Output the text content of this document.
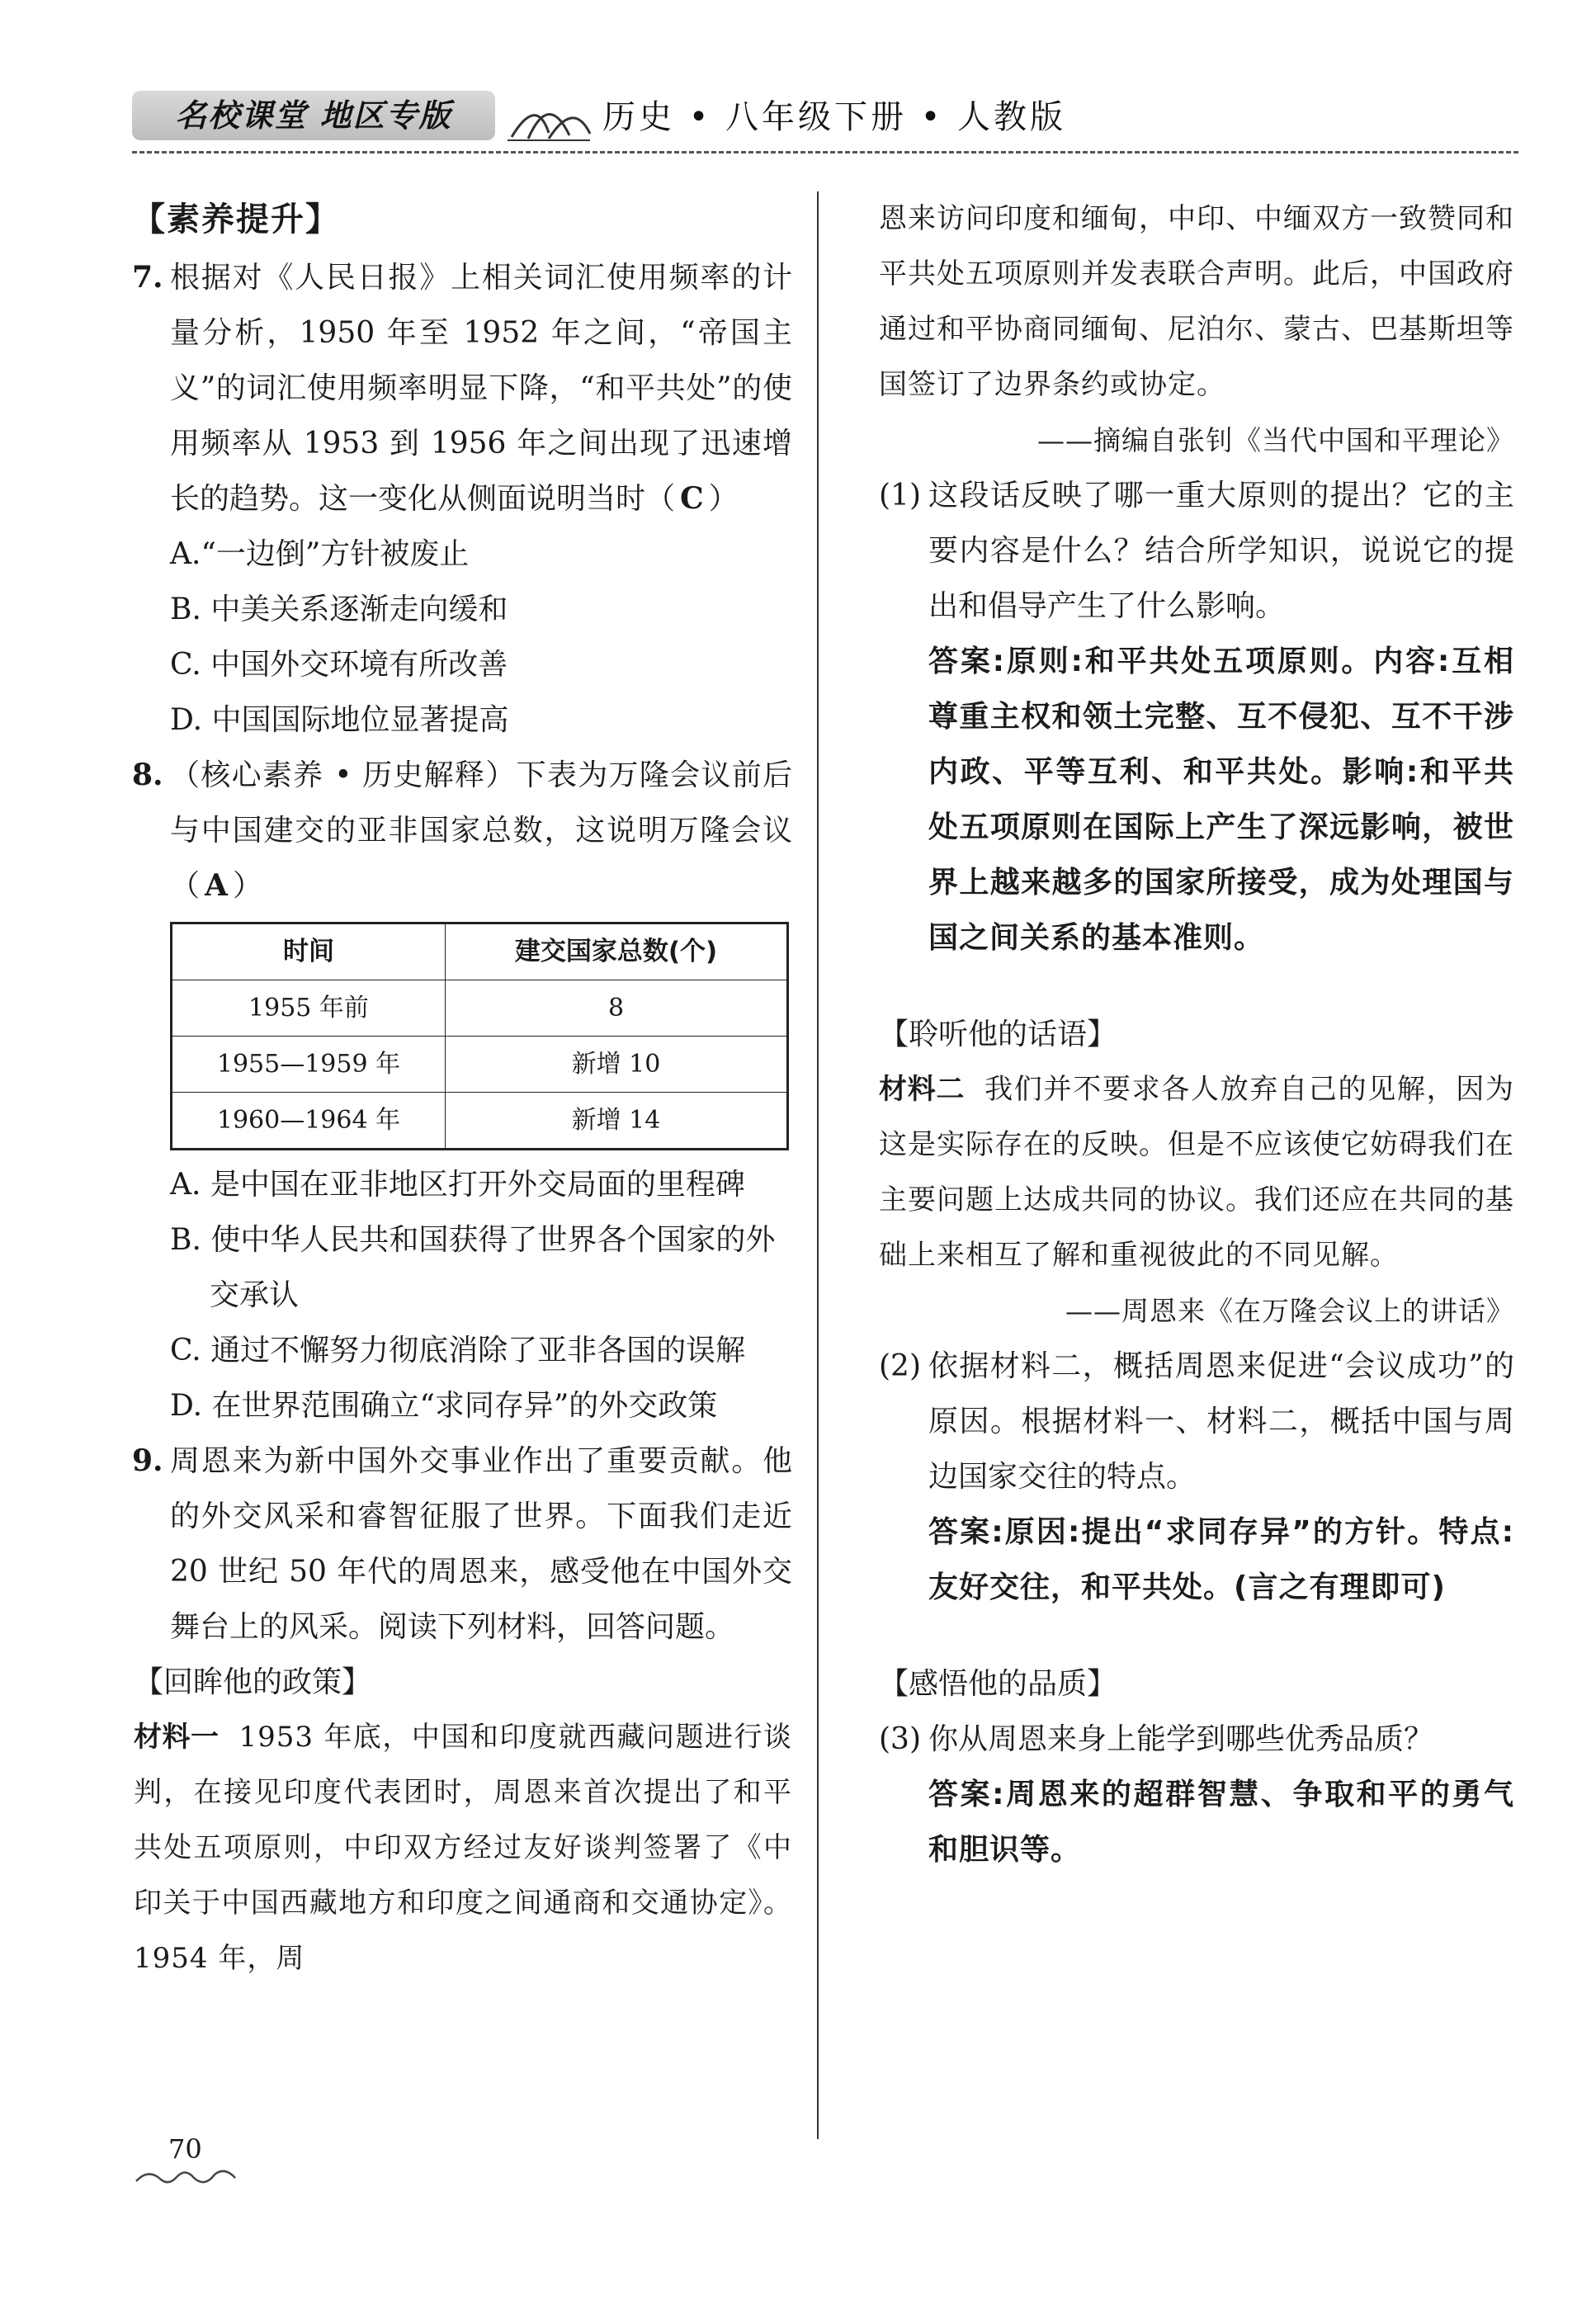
名校课堂 地区专版	历史 • 八年级下册 • 人教版
【素养提升】
7. 根据对《人民日报》上相关词汇使用频率的计量分析，1950 年至 1952 年之间，“帝国主义”的词汇使用频率明显下降，“和平共处”的使用频率从 1953 到 1956 年之间出现了迅速增长的趋势。这一变化从侧面说明当时（ C ）
A.“一边倒”方针被废止
B. 中美关系逐渐走向缓和
C. 中国外交环境有所改善
D. 中国国际地位显著提高
8. （核心素养 • 历史解释）下表为万隆会议前后与中国建交的亚非国家总数，这说明万隆会议（ A ）
时间	建交国家总数(个)
1955 年前	8
1955—1959 年	新增 10
1960—1964 年	新增 14
A. 是中国在亚非地区打开外交局面的里程碑
B. 使中华人民共和国获得了世界各个国家的外交承认
C. 通过不懈努力彻底消除了亚非各国的误解
D. 在世界范围确立“求同存异”的外交政策
9. 周恩来为新中国外交事业作出了重要贡献。他的外交风采和睿智征服了世界。下面我们走近 20 世纪 50 年代的周恩来，感受他在中国外交舞台上的风采。阅读下列材料，回答问题。
【回眸他的政策】
材料一 1953 年底，中国和印度就西藏问题进行谈判，在接见印度代表团时，周恩来首次提出了和平共处五项原则，中印双方经过友好谈判签署了《中印关于中国西藏地方和印度之间通商和交通协定》。1954 年，周
恩来访问印度和缅甸，中印、中缅双方一致赞同和平共处五项原则并发表联合声明。此后，中国政府通过和平协商同缅甸、尼泊尔、蒙古、巴基斯坦等国签订了边界条约或协定。
——摘编自张钊《当代中国和平理论》
(1) 这段话反映了哪一重大原则的提出？它的主要内容是什么？结合所学知识，说说它的提出和倡导产生了什么影响。
答案:原则:和平共处五项原则。内容:互相尊重主权和领土完整、互不侵犯、互不干涉内政、平等互利、和平共处。影响:和平共处五项原则在国际上产生了深远影响，被世界上越来越多的国家所接受，成为处理国与国之间关系的基本准则。
【聆听他的话语】
材料二 我们并不要求各人放弃自己的见解，因为这是实际存在的反映。但是不应该使它妨碍我们在主要问题上达成共同的协议。我们还应在共同的基础上来相互了解和重视彼此的不同见解。
——周恩来《在万隆会议上的讲话》
(2) 依据材料二，概括周恩来促进“会议成功”的原因。根据材料一、材料二，概括中国与周边国家交往的特点。
答案:原因:提出“求同存异”的方针。特点:友好交往，和平共处。(言之有理即可)
【感悟他的品质】
(3) 你从周恩来身上能学到哪些优秀品质？
答案:周恩来的超群智慧、争取和平的勇气和胆识等。
70
